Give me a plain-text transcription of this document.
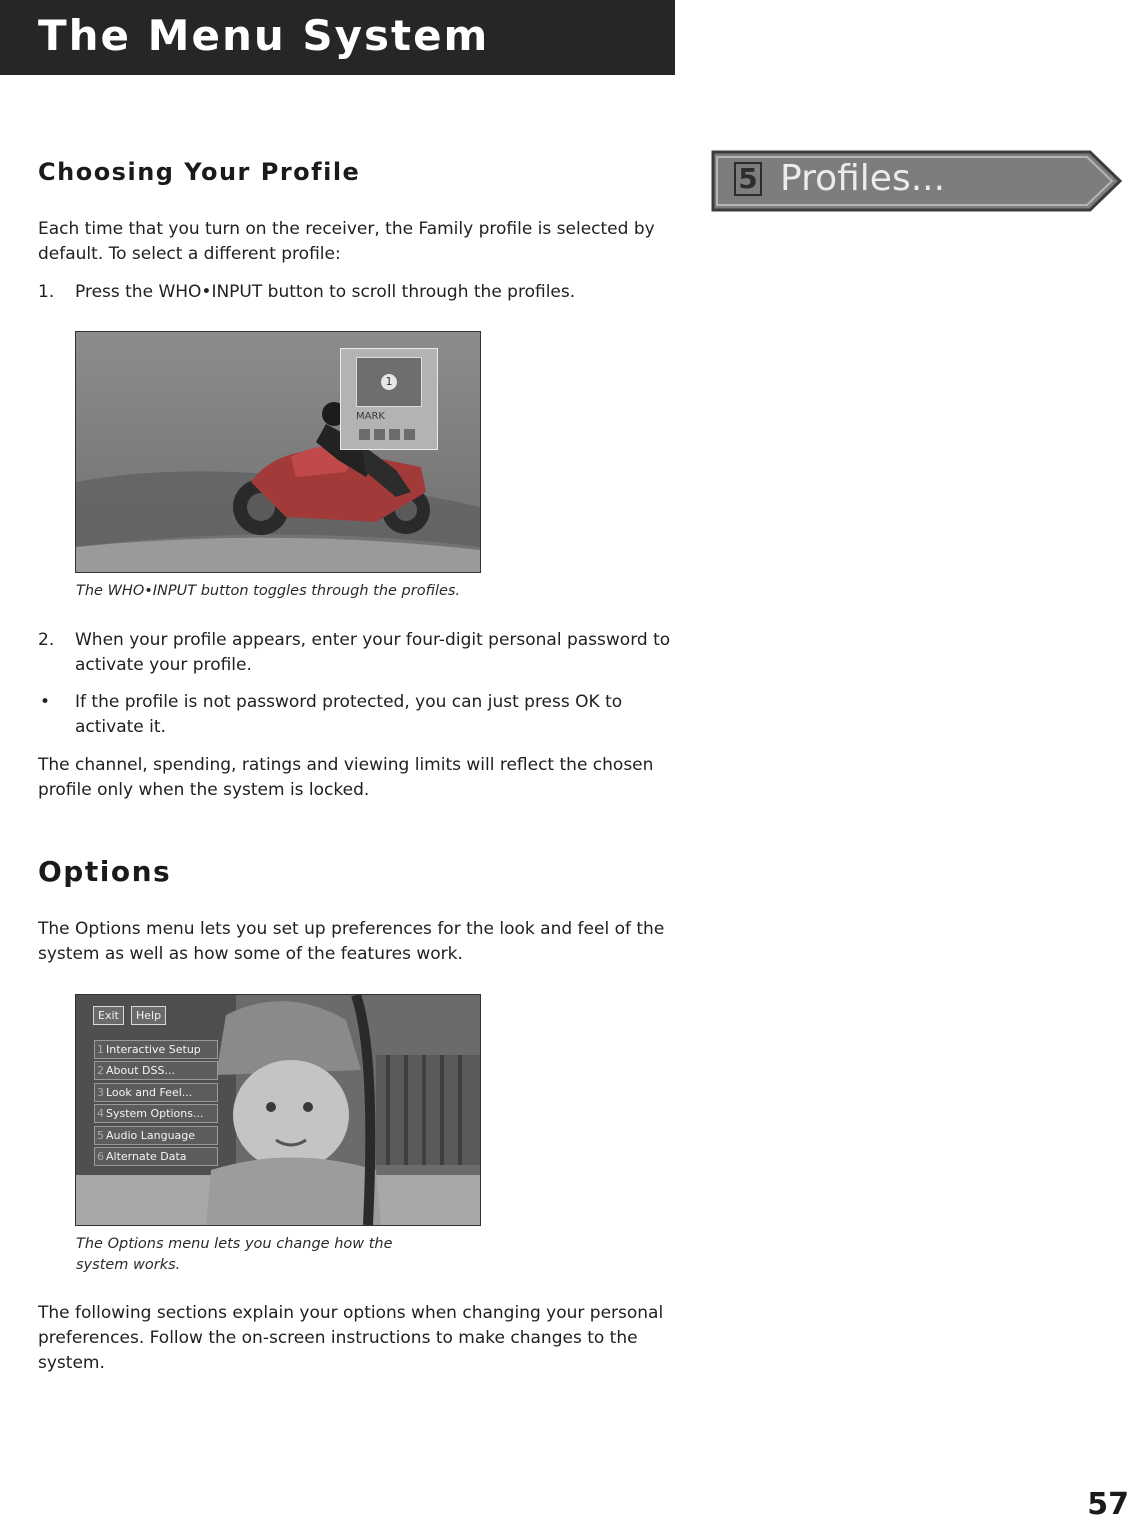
The Menu System
Choosing Your Profile

Each time that you turn on the receiver, the Family profile is selected by default. To select a different profile:

1. Press the WHO•INPUT button to scroll through the profiles.
1
MARK

The WHO•INPUT button toggles through the profiles.

2. When your profile appears, enter your four-digit personal password to activate your profile.
• If the profile is not password protected, you can just press OK to activate it.

The channel, spending, ratings and viewing limits will reflect the chosen profile only when the system is locked.

Options

The Options menu lets you set up preferences for the look and feel of the system as well as how some of the features work.

Exit	Help
1 Interactive Setup
2 About DSS...
3 Look and Feel...
4 System Options...
5 Audio Language
6 Alternate Data

The Options menu lets you change how the
system works.

The following sections explain your options when changing your personal preferences. Follow the on-screen instructions to make changes to the system.

5 Profiles...
57
